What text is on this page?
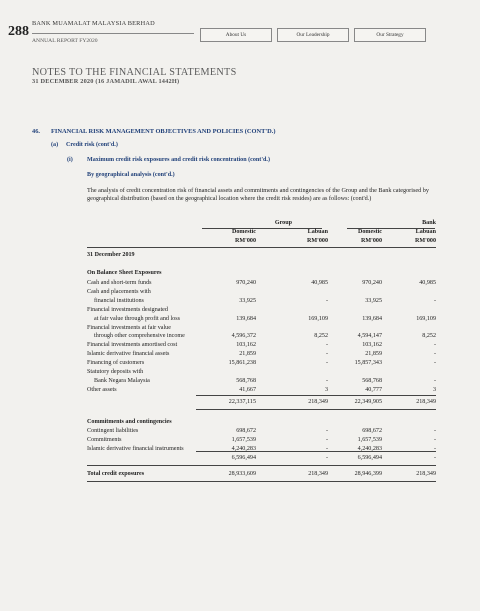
288
BANK MUAMALAT MALAYSIA BERHAD
ANNUAL REPORT FY2020
About Us	Our Leadership	Our Strategy
NOTES TO THE FINANCIAL STATEMENTS
31 DECEMBER 2020 (16 JAMADIL AWAL 1442H)
46. FINANCIAL RISK MANAGEMENT OBJECTIVES AND POLICIES (CONT'D.)
(a) Credit risk (cont'd.)
(i) Maximum credit risk exposures and credit risk concentration (cont'd.)
By geographical analysis (cont'd.)
The analysis of credit concentration risk of financial assets and commitments and contingencies of the Group and the Bank categorised by geographical distribution (based on the geographical location where the credit risk resides) are as follows: (cont'd.)
Group	Bank
Domestic
RM'000
Labuan
RM'000
Domestic
RM'000
Labuan
RM'000
31 December 2019
On Balance Sheet Exposures
Cash and short-term funds	970,240	40,985	970,240	40,985
Cash and placements with
financial institutions	33,925	-	33,925	-
Financial investments designated
at fair value through profit and loss	139,684	169,109	139,684	169,109
Financial investments at fair value
through other comprehensive income	4,596,372	8,252	4,594,147	8,252
Financial investments amortised cost	103,162	-	103,162	-
Islamic derivative financial assets	21,859	-	21,859	-
Financing of customers	15,861,238	-	15,857,343	-
Statutory deposits with
Bank Negara Malaysia	568,768	-	568,768	-
Other assets	41,667	3	40,777	3
22,337,115	218,349	22,349,905	218,349
Commitments and contingencies
Contingent liabilities	698,672	-	698,672	-
Commitments	1,657,539	-	1,657,539	-
Islamic derivative financial instruments	4,240,283	-	4,240,283	-
6,596,494	-	6,596,494	-
Total credit exposures	28,933,609	218,349	28,946,399	218,349
